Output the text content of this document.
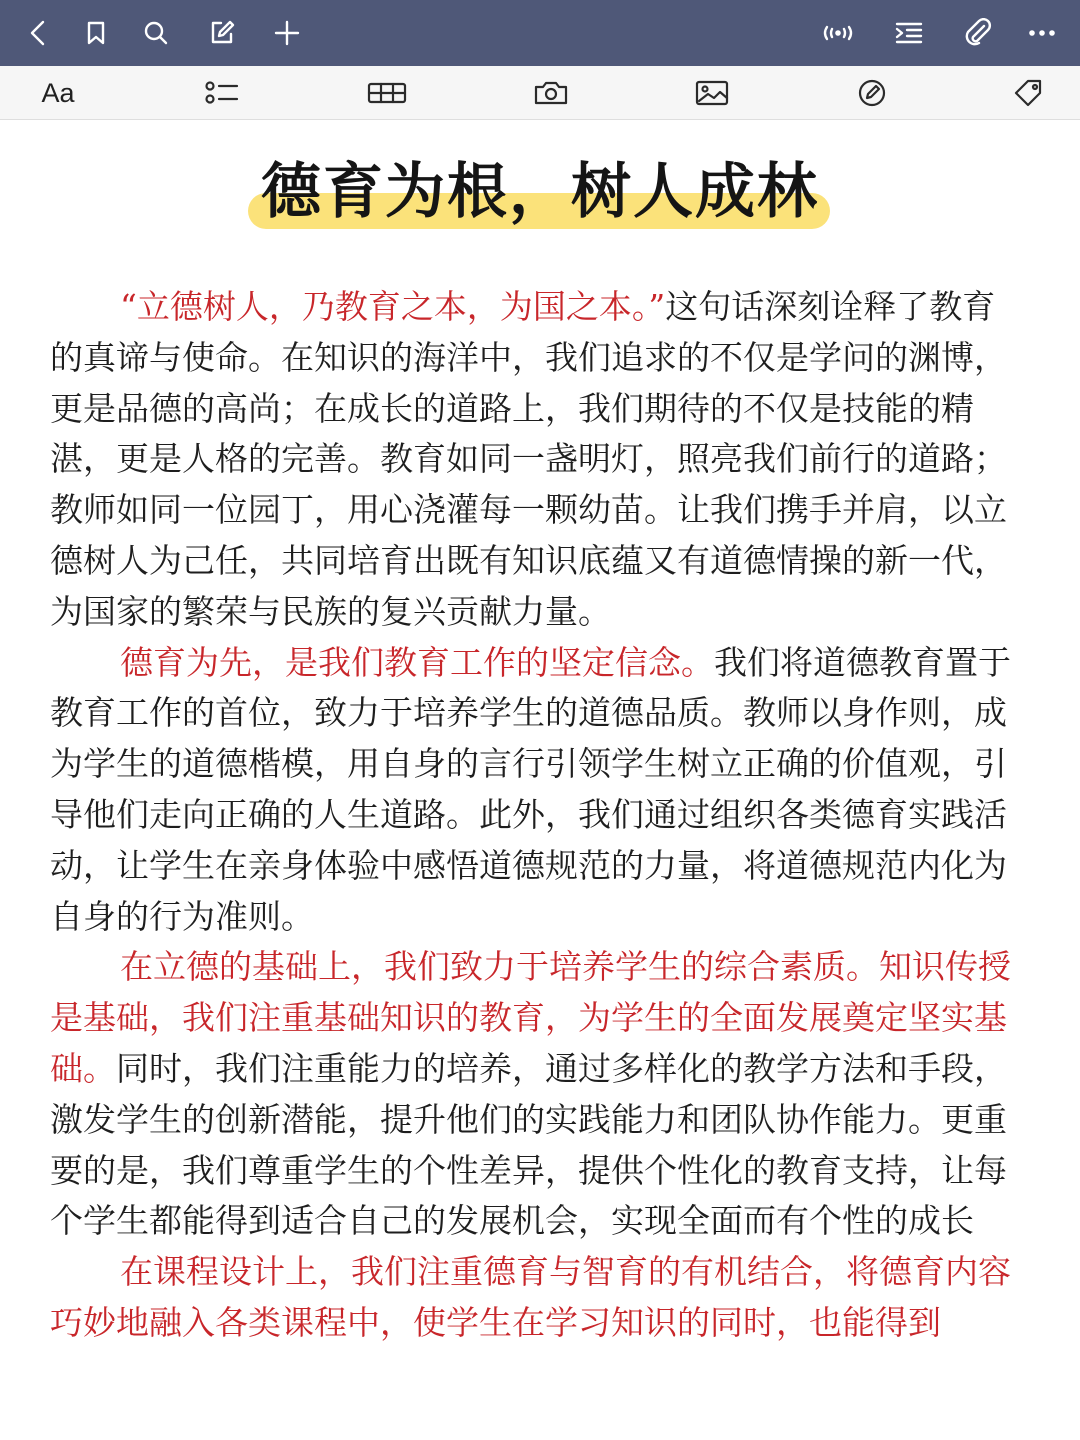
Aa
德育为根，树人成林

“立德树人，乃教育之本，为国之本。”这句话深刻诠释了教育的真谛与使命。在知识的海洋中，我们追求的不仅是学问的渊博，更是品德的高尚；在成长的道路上，我们期待的不仅是技能的精湛，更是人格的完善。教育如同一盏明灯，照亮我们前行的道路；教师如同一位园丁，用心浇灌每一颗幼苗。让我们携手并肩，以立德树人为己任，共同培育出既有知识底蕴又有道德情操的新一代，为国家的繁荣与民族的复兴贡献力量。

德育为先，是我们教育工作的坚定信念。我们将道德教育置于教育工作的首位，致力于培养学生的道德品质。教师以身作则，成为学生的道德楷模，用自身的言行引领学生树立正确的价值观，引导他们走向正确的人生道路。此外，我们通过组织各类德育实践活动，让学生在亲身体验中感悟道德规范的力量，将道德规范内化为自身的行为准则。

在立德的基础上，我们致力于培养学生的综合素质。知识传授是基础，我们注重基础知识的教育，为学生的全面发展奠定坚实基础。同时，我们注重能力的培养，通过多样化的教学方法和手段，激发学生的创新潜能，提升他们的实践能力和团队协作能力。更重要的是，我们尊重学生的个性差异，提供个性化的教育支持，让每个学生都能得到适合自己的发展机会，实现全面而有个性的成长

在课程设计上，我们注重德育与智育的有机结合，将德育内容巧妙地融入各类课程中，使学生在学习知识的同时，也能得到
